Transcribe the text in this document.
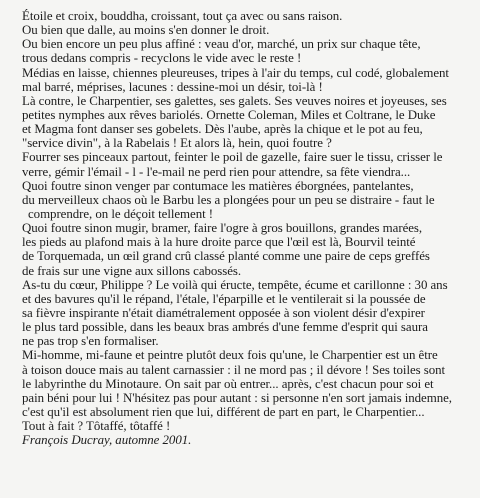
Étoile et croix, bouddha, croissant, tout ça avec ou sans raison.
Ou bien que dalle, au moins s'en donner le droit.
Ou bien encore un peu plus affiné : veau d'or, marché, un prix sur chaque tête,
trous dedans compris - recyclons le vide avec le reste !
Médias en laisse, chiennes pleureuses, tripes à l'air du temps, cul codé, globalement
mal barré, méprises, lacunes : dessine-moi un désir, toi-là !
Là contre, le Charpentier, ses galettes, ses galets. Ses veuves noires et joyeuses, ses
petites nymphes aux rêves bariolés. Ornette Coleman, Miles et Coltrane, le Duke
et Magma font danser ses gobelets. Dès l'aube, après la chique et le pot au feu,
"service divin", à la Rabelais ! Et alors là, hein, quoi foutre ?
Fourrer ses pinceaux partout, feinter le poil de gazelle, faire suer le tissu, crisser le
verre, gémir l'émail - l - l'e-mail ne perd rien pour attendre, sa fête viendra...
Quoi foutre sinon venger par contumace les matières éborgnées, pantelantes,
du merveilleux chaos où le Barbu les a plongées pour un peu se distraire - faut le
comprendre, on le déçoit tellement !
Quoi foutre sinon mugir, bramer, faire l'ogre à gros bouillons, grandes marées,
les pieds au plafond mais à la hure droite parce que l'œil est là, Bourvil teinté
de Torquemada, un œil grand crû classé planté comme une paire de ceps greffés
de frais sur une vigne aux sillons cabossés.
As-tu du cœur, Philippe ? Le voilà qui éructe, tempête, écume et carillonne : 30 ans
et des bavures qu'il le répand, l'étale, l'éparpille et le ventilerait si la poussée de
sa fièvre inspirante n'était diamétralement opposée à son violent désir d'expirer
le plus tard possible, dans les beaux bras ambrés d'une femme d'esprit qui saura
ne pas trop s'en formaliser.
Mi-homme, mi-faune et peintre plutôt deux fois qu'une, le Charpentier est un être
à toison douce mais au talent carnassier : il ne mord pas ; il dévore ! Ses toiles sont
le labyrinthe du Minotaure. On sait par où entrer... après, c'est chacun pour soi et
pain béni pour lui ! N'hésitez pas pour autant : si personne n'en sort jamais indemne,
c'est qu'il est absolument rien que lui, différent de part en part, le Charpentier...
Tout à fait ? Tôtaffé, tôtaffé !
François Ducray, automne 2001.
